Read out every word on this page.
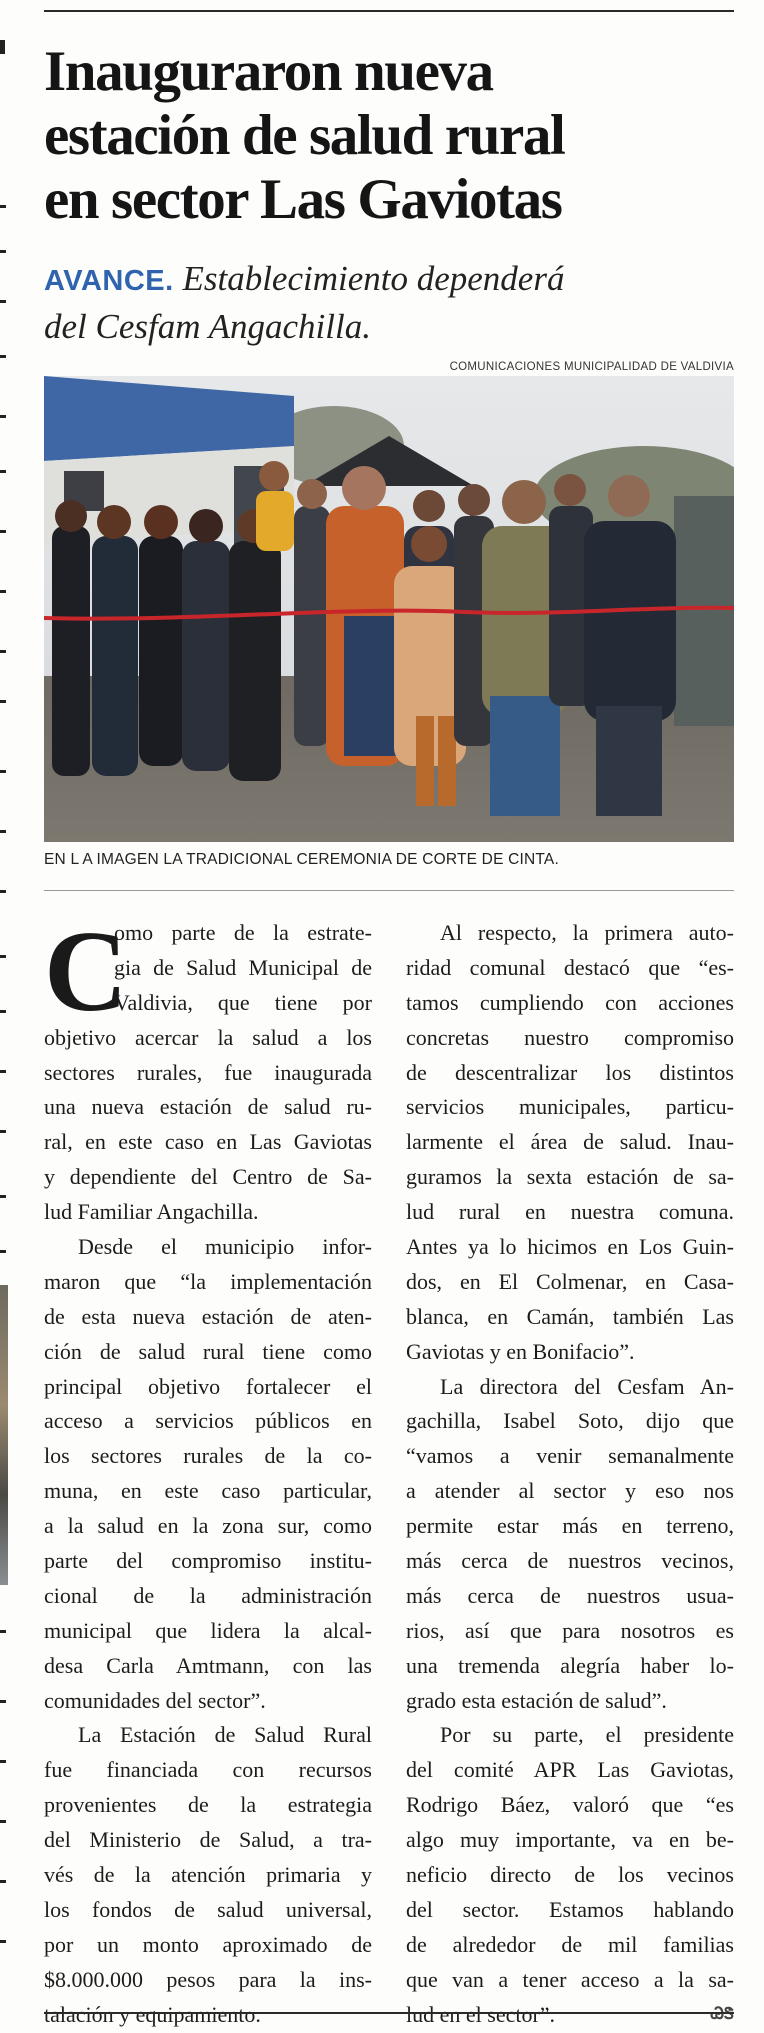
Inauguraron nueva
estación de salud rural
en sector Las Gaviotas
AVANCE. Establecimiento dependerá
del Cesfam Angachilla.
COMUNICACIONES MUNICIPALIDAD DE VALDIVIA
EN L A IMAGEN LA TRADICIONAL CEREMONIA DE CORTE DE CINTA.
C
omo parte de la estrate-
gia de Salud Municipal de
Valdivia, que tiene por
objetivo acercar la salud a los
sectores rurales, fue inaugurada
una nueva estación de salud ru-
ral, en este caso en Las Gaviotas
y dependiente del Centro de Sa-
lud Familiar Angachilla.
Desde el municipio infor-
maron que “la implementación
de esta nueva estación de aten-
ción de salud rural tiene como
principal objetivo fortalecer el
acceso a servicios públicos en
los sectores rurales de la co-
muna, en este caso particular,
a la salud en la zona sur, como
parte del compromiso institu-
cional de la administración
municipal que lidera la alcal-
desa Carla Amtmann, con las
comunidades del sector”.
La Estación de Salud Rural
fue financiada con recursos
provenientes de la estrategia
del Ministerio de Salud, a tra-
vés de la atención primaria y
los fondos de salud universal,
por un monto aproximado de
$8.000.000 pesos para la ins-
talación y equipamiento.
Al respecto, la primera auto-
ridad comunal destacó que “es-
tamos cumpliendo con acciones
concretas nuestro compromiso
de descentralizar los distintos
servicios municipales, particu-
larmente el área de salud. Inau-
guramos la sexta estación de sa-
lud rural en nuestra comuna.
Antes ya lo hicimos en Los Guin-
dos, en El Colmenar, en Casa-
blanca, en Camán, también Las
Gaviotas y en Bonifacio”.
La directora del Cesfam An-
gachilla, Isabel Soto, dijo que
“vamos a venir semanalmente
a atender al sector y eso nos
permite estar más en terreno,
más cerca de nuestros vecinos,
más cerca de nuestros usua-
rios, así que para nosotros es
una tremenda alegría haber lo-
grado esta estación de salud”.
Por su parte, el presidente
del comité APR Las Gaviotas,
Rodrigo Báez, valoró que “es
algo muy importante, va en be-
neficio directo de los vecinos
del sector. Estamos hablando
de alrededor de mil familias
que van a tener acceso a la sa-
lud en el sector”.	ᏊᏕ
